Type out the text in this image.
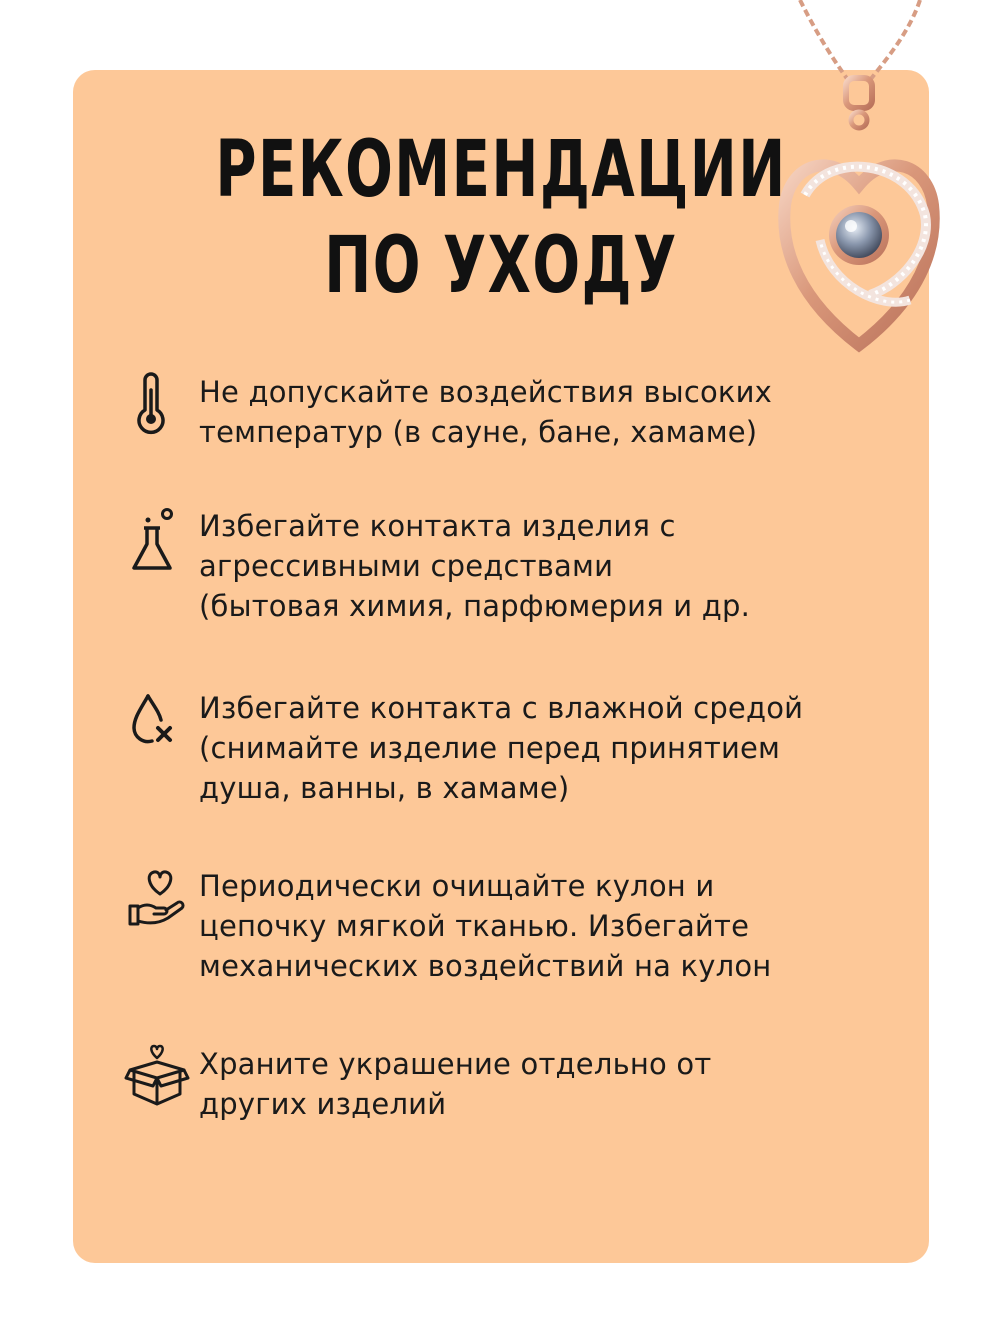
РЕКОМЕНДАЦИИ
ПО УХОДУ

Не допускайте воздействия высоких
температур (в сауне, бане, хамаме)

Избегайте контакта изделия с
агрессивными средствами
(бытовая химия, парфюмерия и др.

Избегайте контакта с влажной средой
(снимайте изделие перед принятием
душа, ванны, в хамаме)

Периодически очищайте кулон и
цепочку мягкой тканью. Избегайте
механических воздействий на кулон

Храните украшение отдельно от
других изделий
